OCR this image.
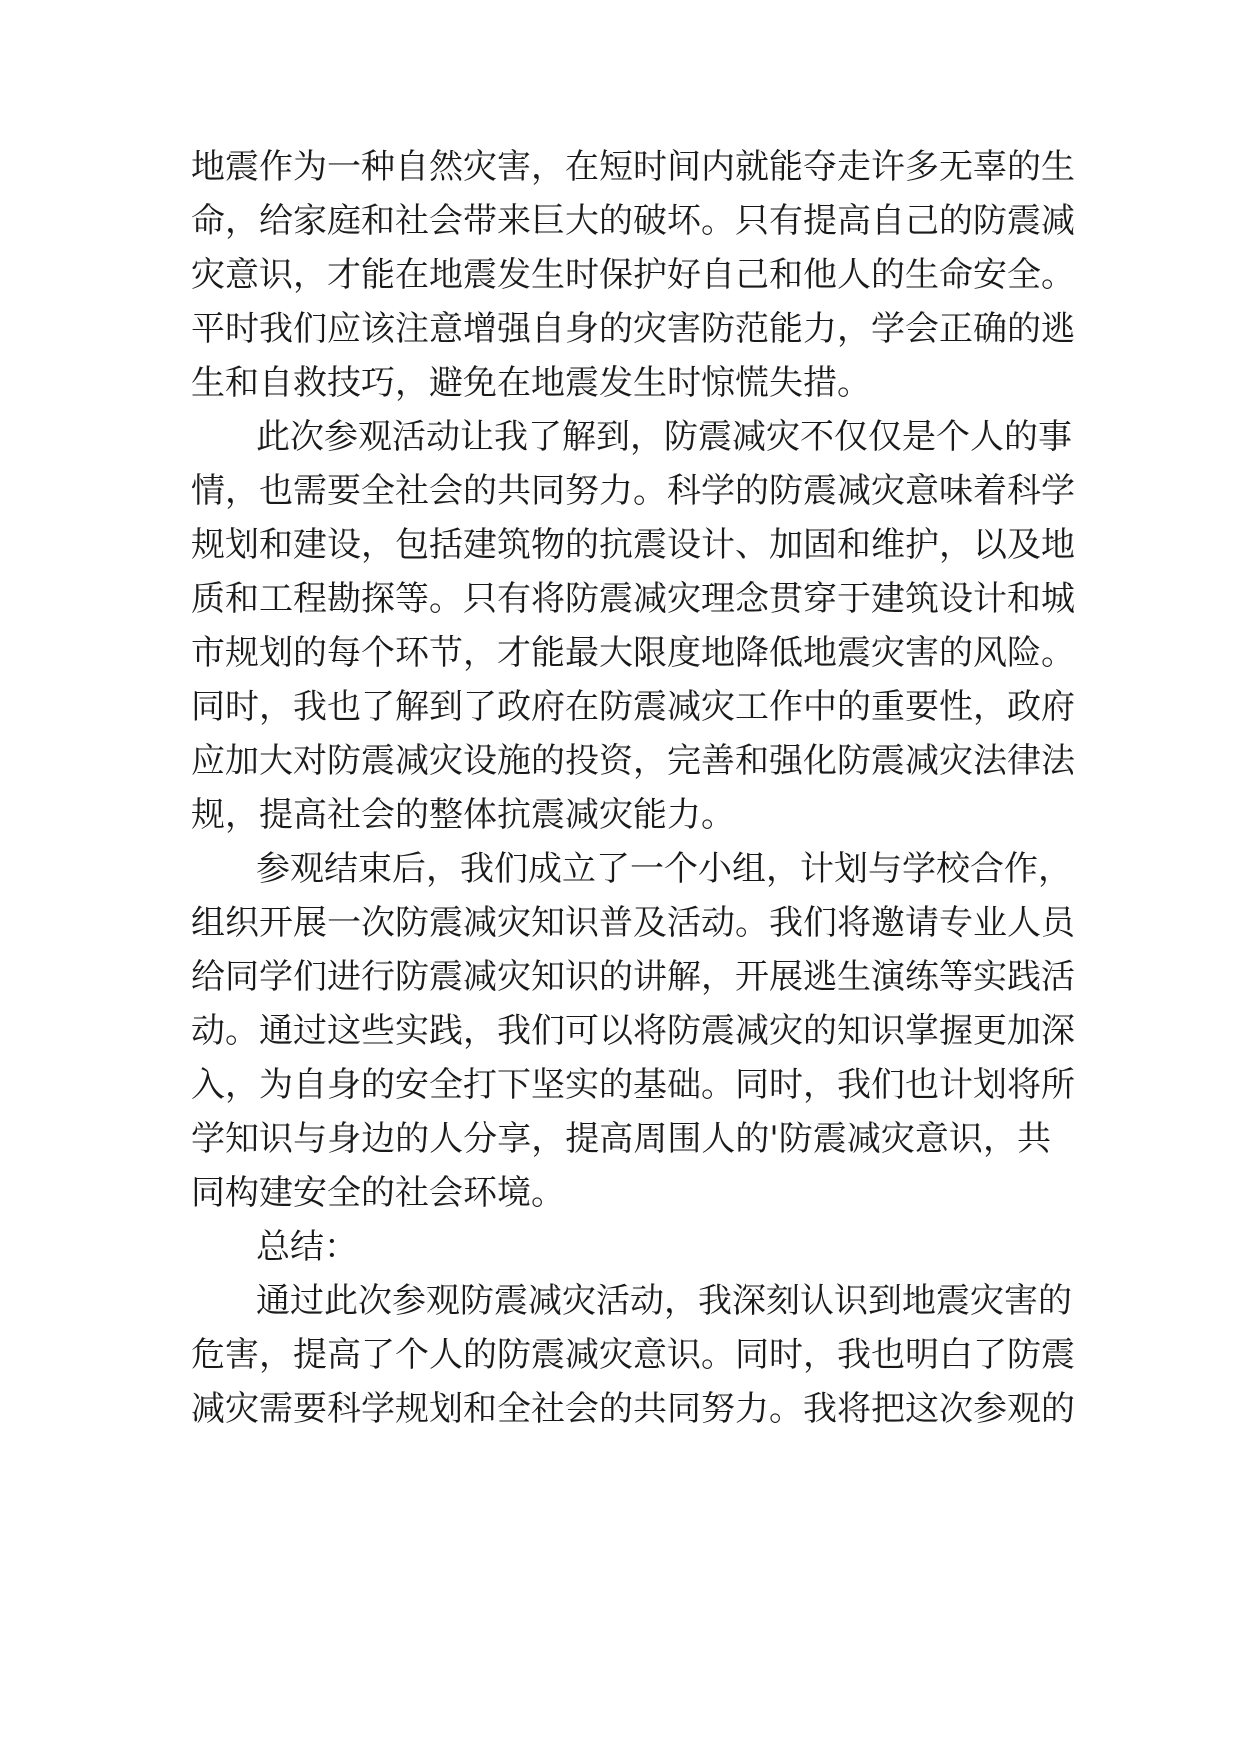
地震作为一种自然灾害，在短时间内就能夺走许多无辜的生
命，给家庭和社会带来巨大的破坏。只有提高自己的防震减
灾意识，才能在地震发生时保护好自己和他人的生命安全。
平时我们应该注意增强自身的灾害防范能力，学会正确的逃
生和自救技巧，避免在地震发生时惊慌失措。
此次参观活动让我了解到，防震减灾不仅仅是个人的事
情，也需要全社会的共同努力。科学的防震减灾意味着科学
规划和建设，包括建筑物的抗震设计、加固和维护，以及地
质和工程勘探等。只有将防震减灾理念贯穿于建筑设计和城
市规划的每个环节，才能最大限度地降低地震灾害的风险。
同时，我也了解到了政府在防震减灾工作中的重要性，政府
应加大对防震减灾设施的投资，完善和强化防震减灾法律法
规，提高社会的整体抗震减灾能力。
参观结束后，我们成立了一个小组，计划与学校合作，
组织开展一次防震减灾知识普及活动。我们将邀请专业人员
给同学们进行防震减灾知识的讲解，开展逃生演练等实践活
动。通过这些实践，我们可以将防震减灾的知识掌握更加深
入，为自身的安全打下坚实的基础。同时，我们也计划将所
学知识与身边的人分享，提高周围人的'防震减灾意识，共
同构建安全的社会环境。
总结：
通过此次参观防震减灾活动，我深刻认识到地震灾害的
危害，提高了个人的防震减灾意识。同时，我也明白了防震
减灾需要科学规划和全社会的共同努力。我将把这次参观的
